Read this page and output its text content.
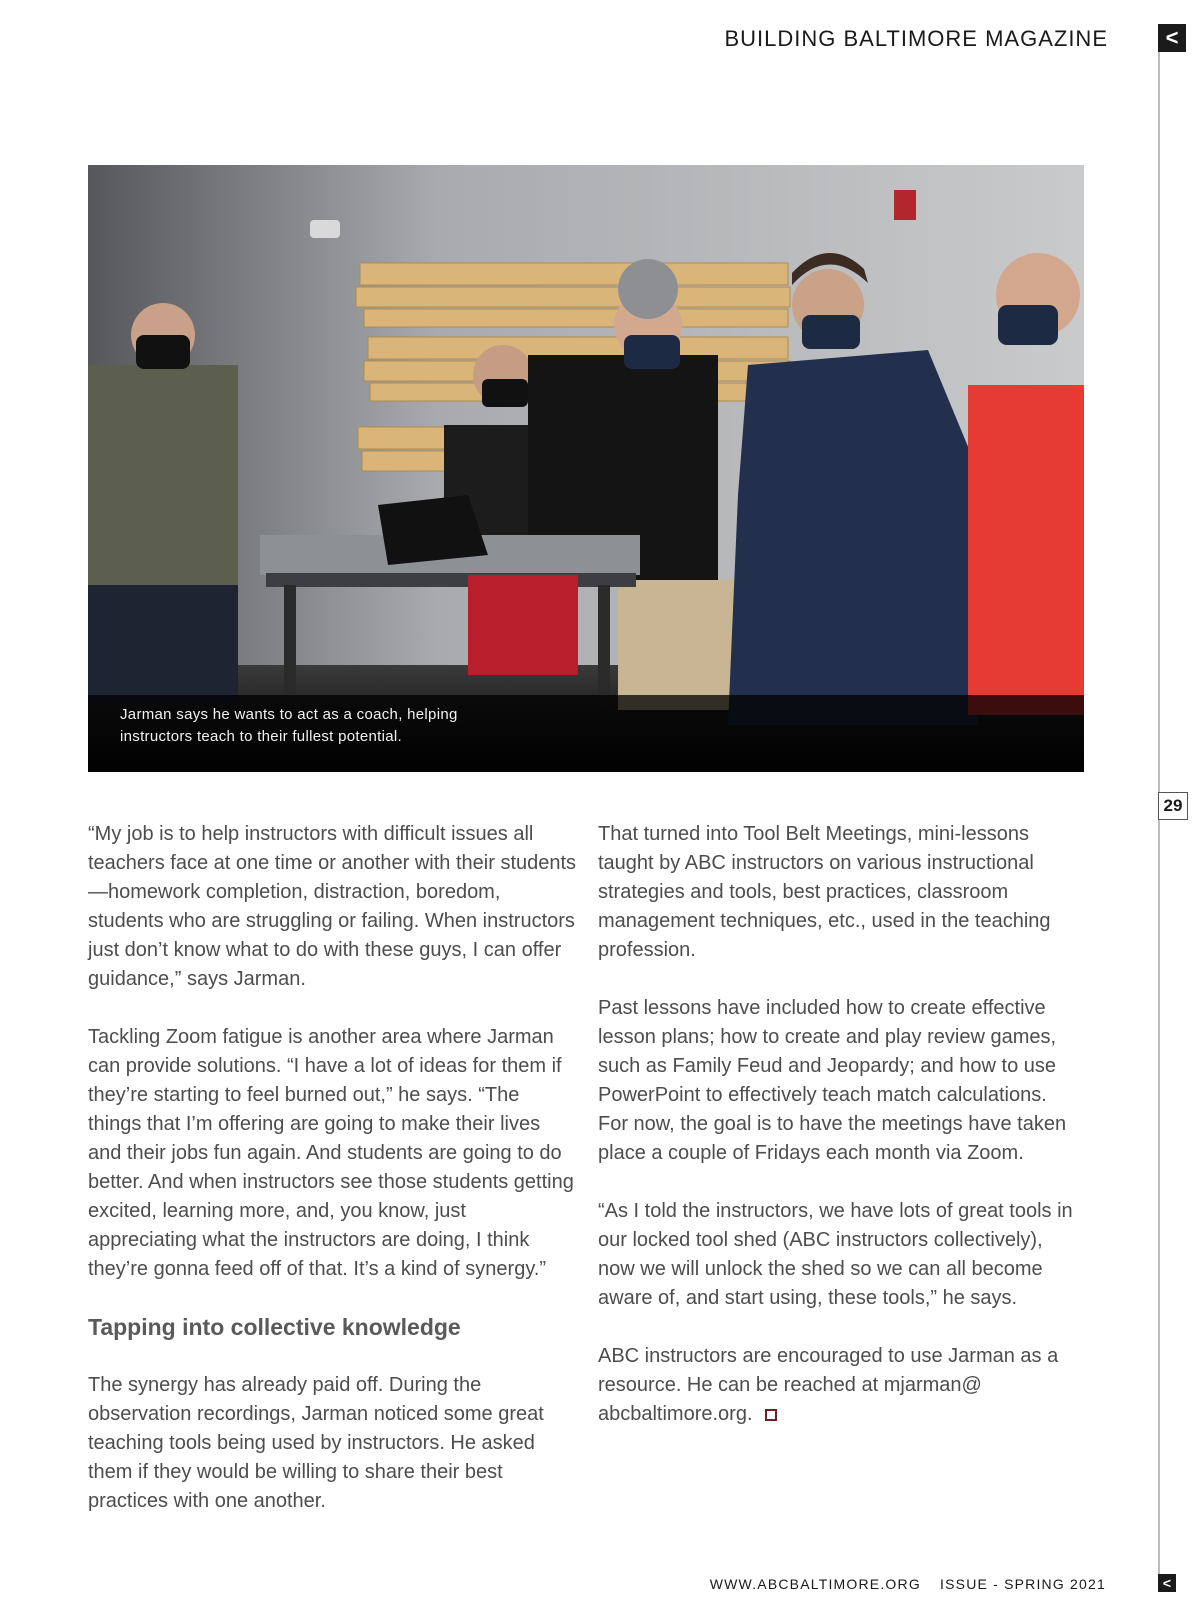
BUILDING BALTIMORE MAGAZINE	<
29
Jarman says he wants to act as a coach, helping instructors teach to their fullest potential.

“My job is to help instructors with difficult issues all teachers face at one time or another with their students—homework completion, distraction, boredom, students who are struggling or failing. When instructors just don’t know what to do with these guys, I can offer guidance,” says Jarman.

Tackling Zoom fatigue is another area where Jarman can provide solutions. “I have a lot of ideas for them if they’re starting to feel burned out,” he says. “The things that I’m offering are going to make their lives and their jobs fun again. And students are going to do better. And when instructors see those students getting excited, learning more, and, you know, just appreciating what the instructors are doing, I think they’re gonna feed off of that. It’s a kind of synergy.”

Tapping into collective knowledge

The synergy has already paid off. During the observation recordings, Jarman noticed some great teaching tools being used by instructors. He asked them if they would be willing to share their best practices with one another.

That turned into Tool Belt Meetings, mini-lessons taught by ABC instructors on various instructional strategies and tools, best practices, classroom management techniques, etc., used in the teaching profession.

Past lessons have included how to create effective lesson plans; how to create and play review games, such as Family Feud and Jeopardy; and how to use PowerPoint to effectively teach match calculations. For now, the goal is to have the meetings have taken place a couple of Fridays each month via Zoom.

“As I told the instructors, we have lots of great tools in our locked tool shed (ABC instructors collectively), now we will unlock the shed so we can all become aware of, and start using, these tools,” he says.

ABC instructors are encouraged to use Jarman as a resource. He can be reached at mjarman@ abcbaltimore.org.

WWW.ABCBALTIMORE.ORG ISSUE - SPRING 2021	<
